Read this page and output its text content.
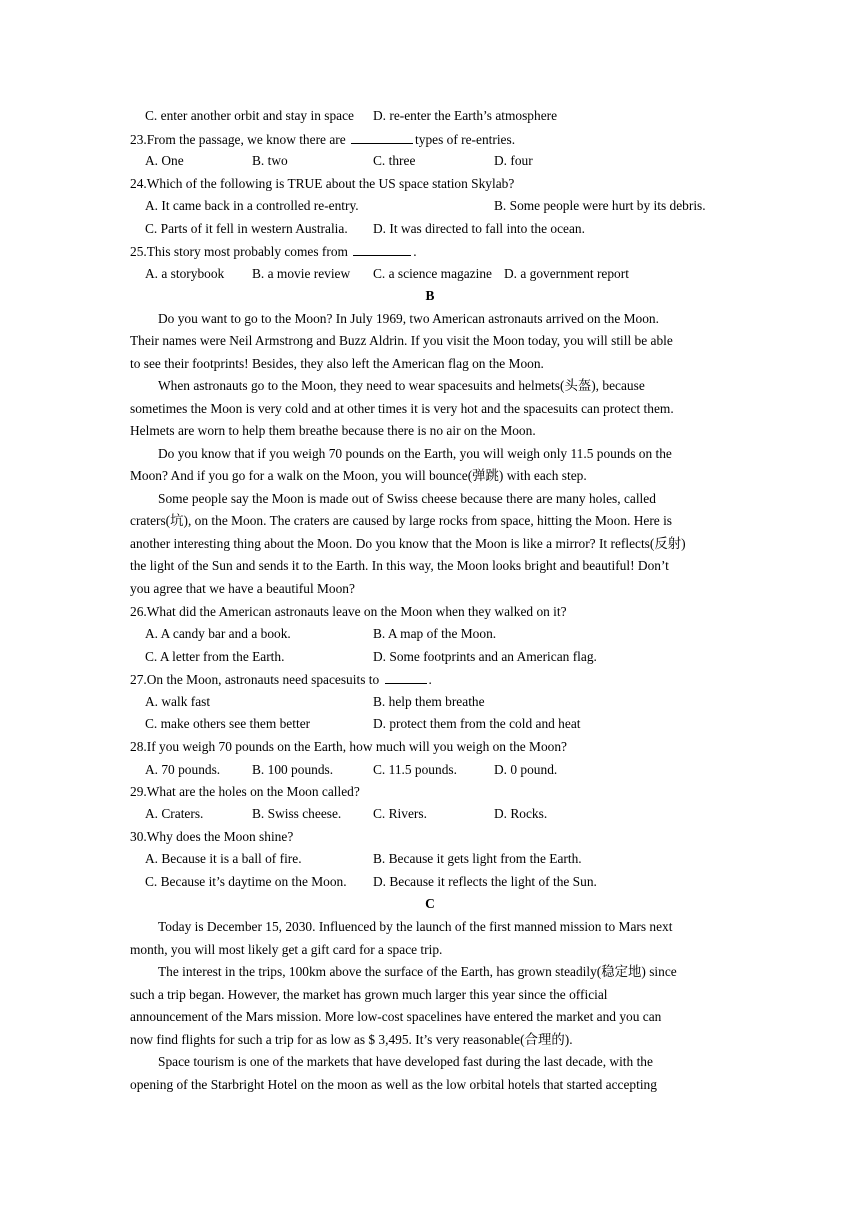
C. enter another orbit and stay in space D. re-enter the Earth’s atmosphere
23.From the passage, we know there are	types of re-entries.
A. One	B. two	C. three	D. four
24.Which of the following is TRUE about the US space station Skylab?
A. It came back in a controlled re-entry.	B. Some people were hurt by its debris.
C. Parts of it fell in western Australia. D. It was directed to fall into the ocean.
25.This story most probably comes from	.
A. a storybook B. a movie review C. a science magazine D. a government report
B
Do you want to go to the Moon? In July 1969, two American astronauts arrived on the Moon.
Their names were Neil Armstrong and Buzz Aldrin. If you visit the Moon today, you will still be able
to see their footprints! Besides, they also left the American flag on the Moon.
When astronauts go to the Moon, they need to wear spacesuits and helmets(头盔), because
sometimes the Moon is very cold and at other times it is very hot and the spacesuits can protect them.
Helmets are worn to help them breathe because there is no air on the Moon.
Do you know that if you weigh 70 pounds on the Earth, you will weigh only 11.5 pounds on the
Moon? And if you go for a walk on the Moon, you will bounce(弹跳) with each step.
Some people say the Moon is made out of Swiss cheese because there are many holes, called
craters(坑), on the Moon. The craters are caused by large rocks from space, hitting the Moon. Here is
another interesting thing about the Moon. Do you know that the Moon is like a mirror? It reflects(反射)
the light of the Sun and sends it to the Earth. In this way, the Moon looks bright and beautiful! Don’t
you agree that we have a beautiful Moon?
26.What did the American astronauts leave on the Moon when they walked on it?
A. A candy bar and a book.	B. A map of the Moon.
C. A letter from the Earth.	D. Some footprints and an American flag.
27.On the Moon, astronauts need spacesuits to	.
A. walk fast	B. help them breathe
C. make others see them better	D. protect them from the cold and heat
28.If you weigh 70 pounds on the Earth, how much will you weigh on the Moon?
A. 70 pounds. B. 100 pounds.	C. 11.5 pounds.	D. 0 pound.
29.What are the holes on the Moon called?
A. Craters.	B. Swiss cheese. C. Rivers.	D. Rocks.
30.Why does the Moon shine?
A. Because it is a ball of fire.	B. Because it gets light from the Earth.
C. Because it’s daytime on the Moon. D. Because it reflects the light of the Sun.
C
Today is December 15, 2030. Influenced by the launch of the first manned mission to Mars next
month, you will most likely get a gift card for a space trip.
The interest in the trips, 100km above the surface of the Earth, has grown steadily(稳定地) since
such a trip began. However, the market has grown much larger this year since the official
announcement of the Mars mission. More low-cost spacelines have entered the market and you can
now find flights for such a trip for as low as $ 3,495. It’s very reasonable(合理的).
Space tourism is one of the markets that have developed fast during the last decade, with the
opening of the Starbright Hotel on the moon as well as the low orbital hotels that started accepting
